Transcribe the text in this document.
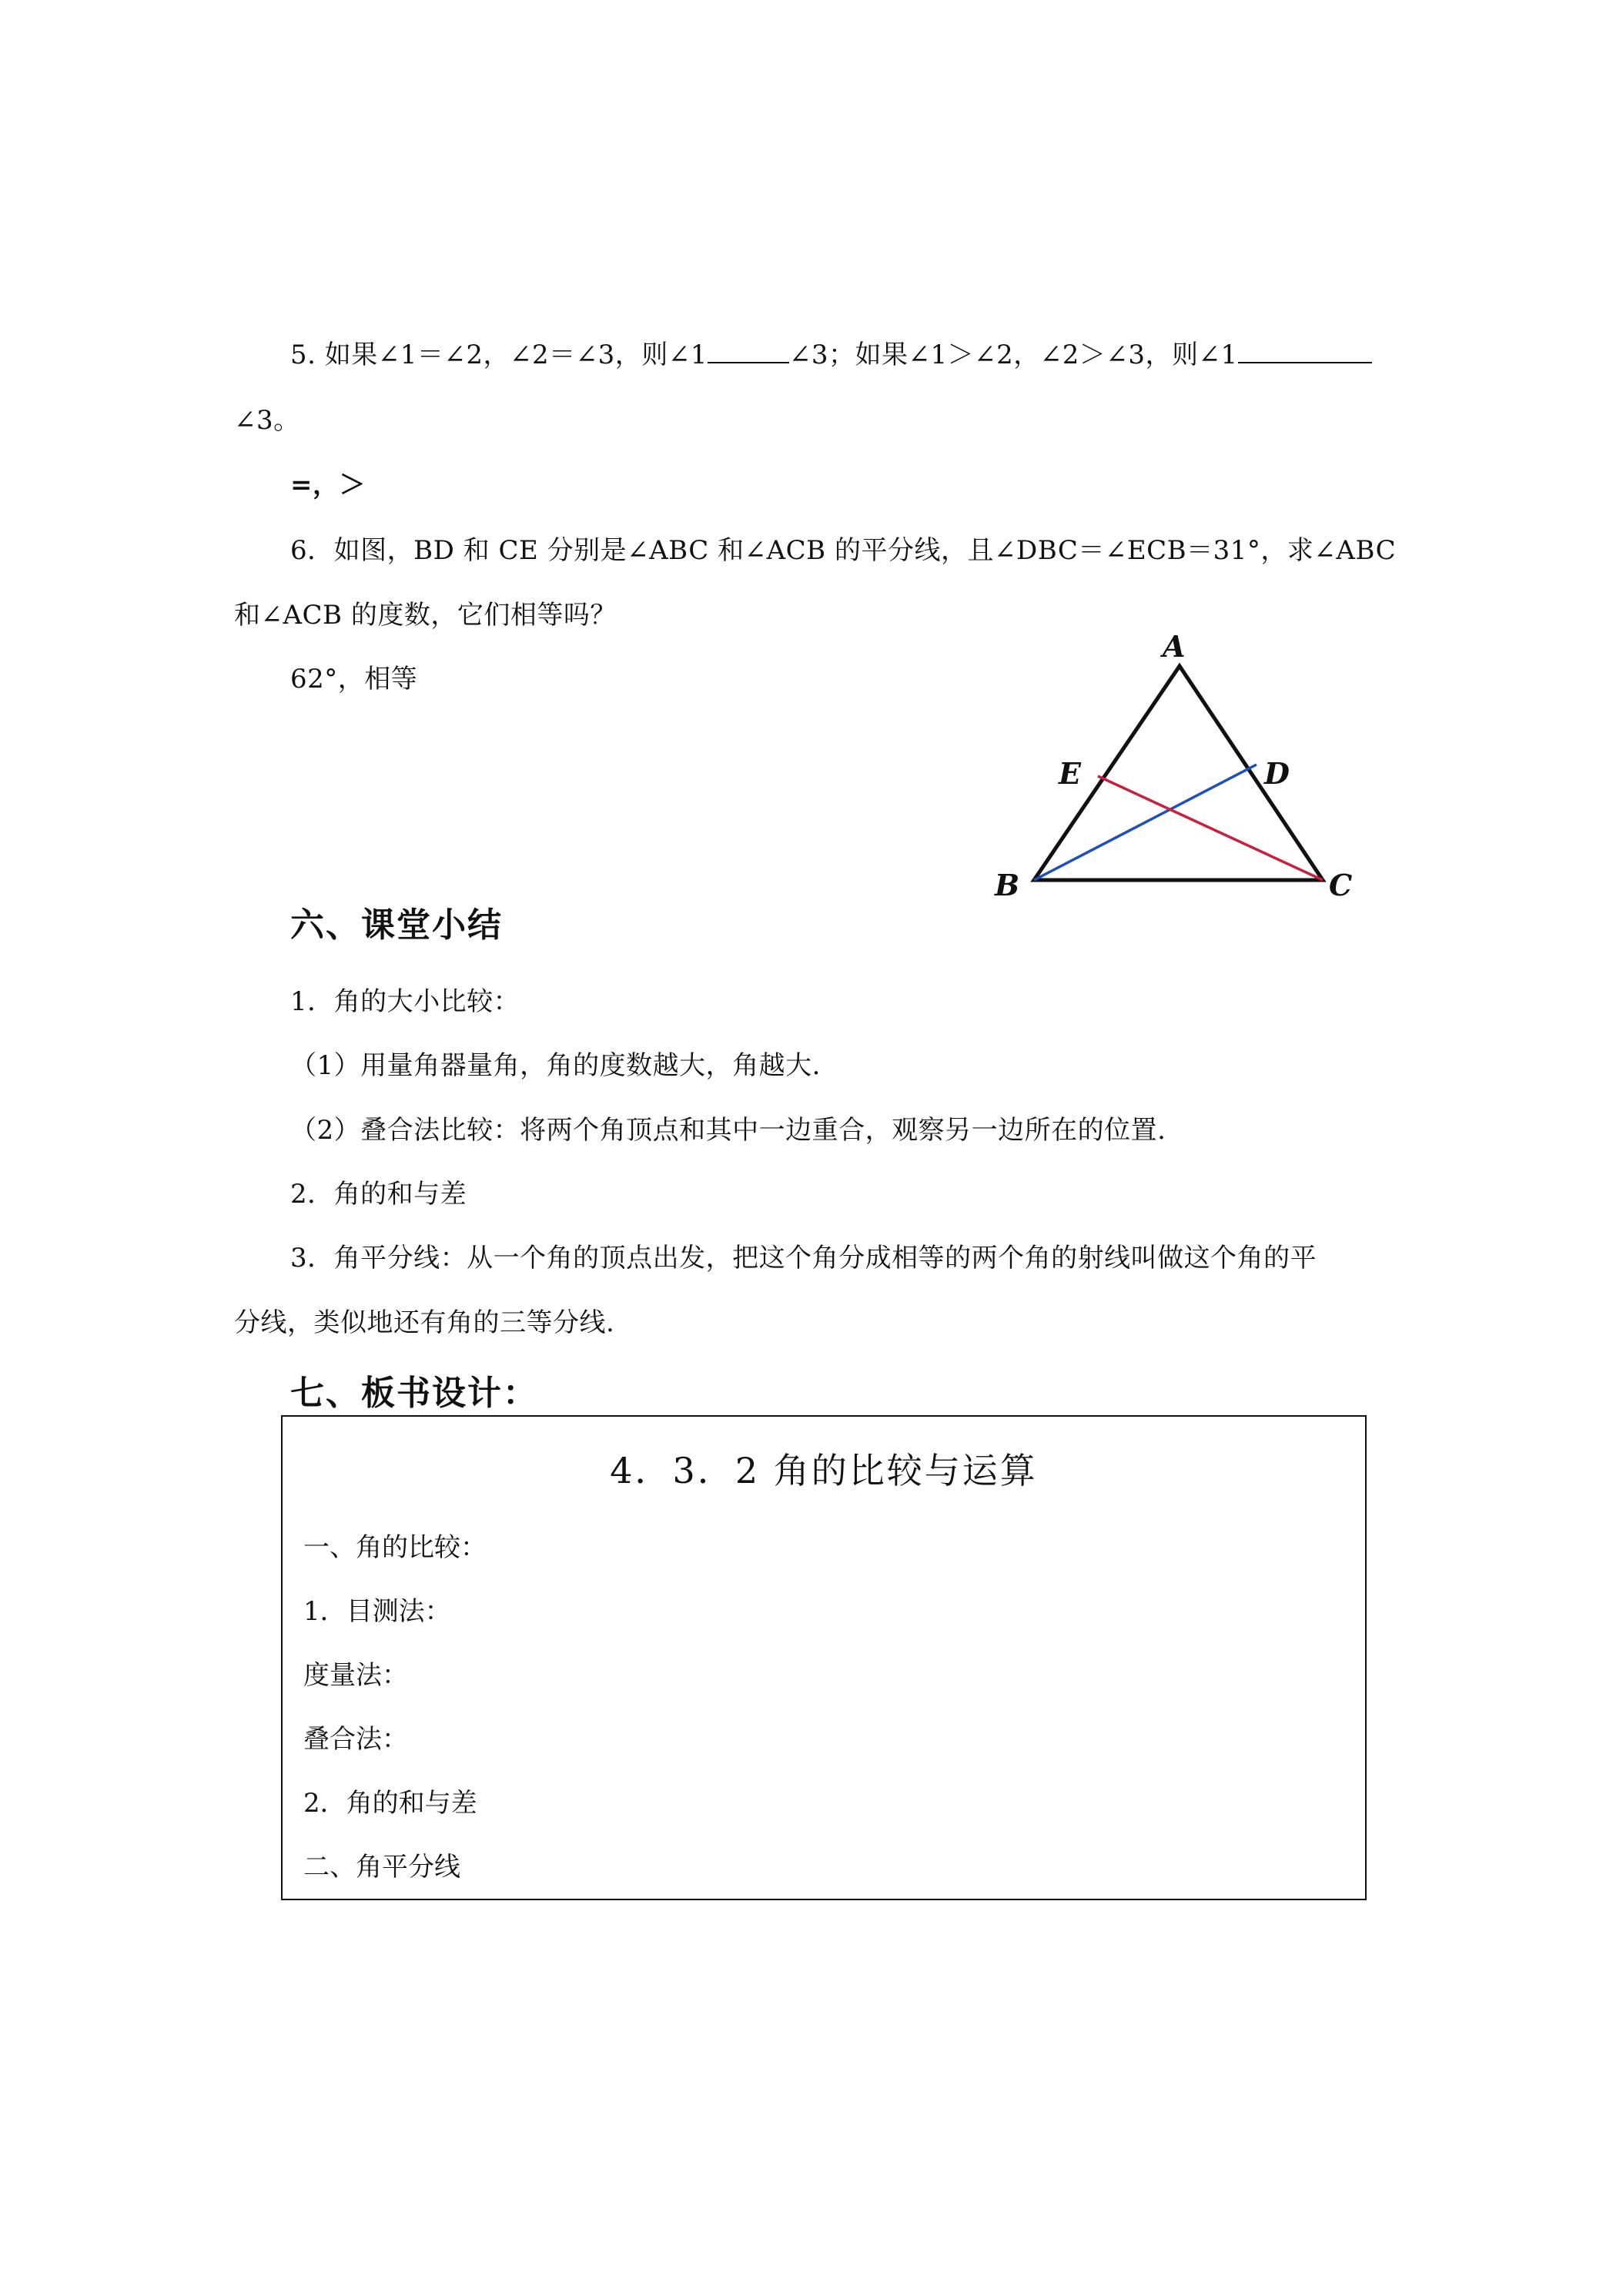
5. 如果∠1＝∠2，∠2＝∠3，则∠1	∠3；如果∠1＞∠2，∠2＞∠3，则∠1
∠3。
=，＞
6．如图，BD 和 CE 分别是∠ABC 和∠ACB 的平分线，且∠DBC＝∠ECB＝31°，求∠ABC
和∠ACB 的度数，它们相等吗？
62°，相等
A
B	C
D
E
六、课堂小结
1．角的大小比较：
（1）用量角器量角，角的度数越大，角越大.
（2）叠合法比较：将两个角顶点和其中一边重合，观察另一边所在的位置.
2．角的和与差
3．角平分线：从一个角的顶点出发，把这个角分成相等的两个角的射线叫做这个角的平
分线，类似地还有角的三等分线.
七、板书设计：
4．3．2 角的比较与运算
一、角的比较：
1．目测法：
度量法：
叠合法：
2．角的和与差
二、角平分线
